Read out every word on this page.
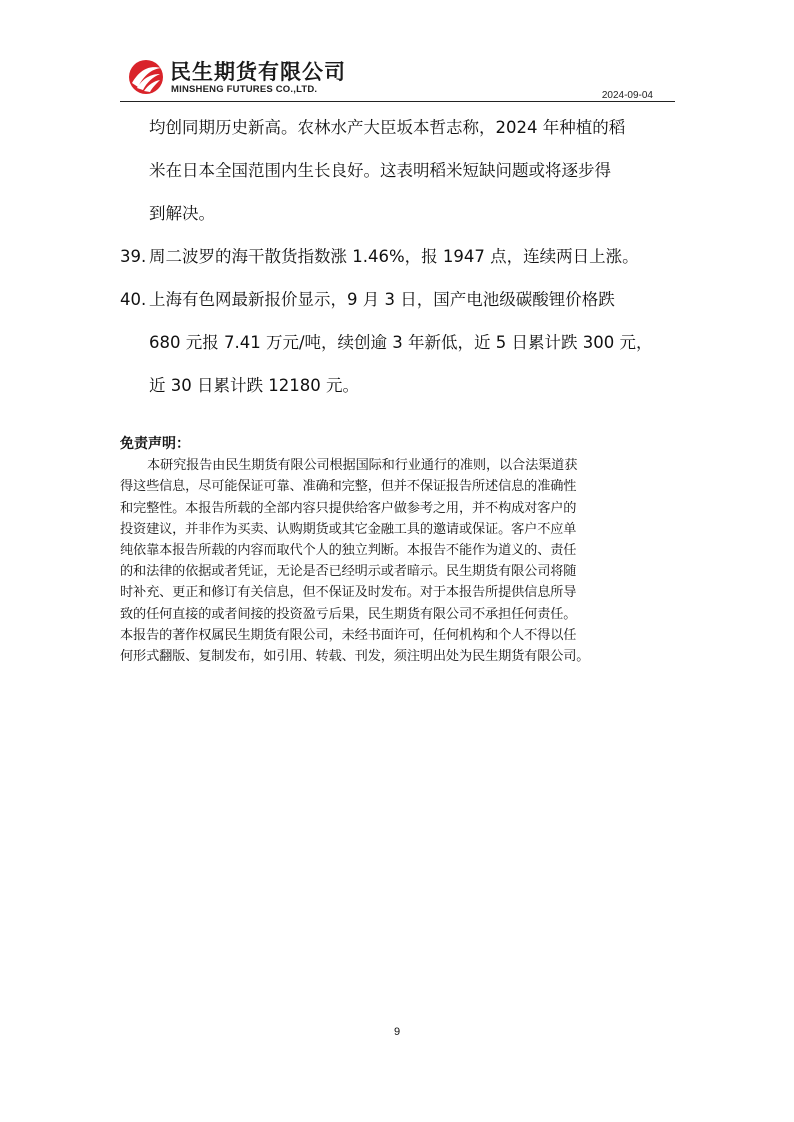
民生期货有限公司
MINSHENG FUTURES CO.,LTD.
2024-09-04
均创同期历史新高。农林水产大臣坂本哲志称，2024 年种植的稻
米在日本全国范围内生长良好。这表明稻米短缺问题或将逐步得
到解决。
39. 周二波罗的海干散货指数涨 1.46%，报 1947 点，连续两日上涨。
40. 上海有色网最新报价显示，9 月 3 日，国产电池级碳酸锂价格跌
680 元报 7.41 万元/吨，续创逾 3 年新低，近 5 日累计跌 300 元，
近 30 日累计跌 12180 元。
免责声明：
本研究报告由民生期货有限公司根据国际和行业通行的准则，以合法渠道获
得这些信息，尽可能保证可靠、准确和完整，但并不保证报告所述信息的准确性
和完整性。本报告所载的全部内容只提供给客户做参考之用，并不构成对客户的
投资建议，并非作为买卖、认购期货或其它金融工具的邀请或保证。客户不应单
纯依靠本报告所载的内容而取代个人的独立判断。本报告不能作为道义的、责任
的和法律的依据或者凭证，无论是否已经明示或者暗示。民生期货有限公司将随
时补充、更正和修订有关信息，但不保证及时发布。对于本报告所提供信息所导
致的任何直接的或者间接的投资盈亏后果，民生期货有限公司不承担任何责任。
本报告的著作权属民生期货有限公司，未经书面许可，任何机构和个人不得以任
何形式翻版、复制发布，如引用、转载、刊发，须注明出处为民生期货有限公司。
9
